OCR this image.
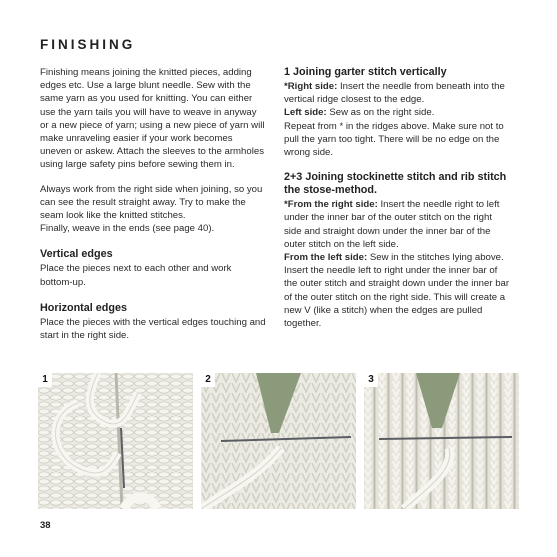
FINISHING

Finishing means joining the knitted pieces, adding edges etc. Use a large blunt needle. Sew with the same yarn as you used for knitting. You can either use the yarn tails you will have to weave in anyway or a new piece of yarn; using a new piece of yarn will make unraveling easier if your work becomes uneven or askew. Attach the sleeves to the armholes using large safety pins before sewing them in.

Always work from the right side when joining, so you can see the result straight away. Try to make the seam look like the knitted stitches.

Finally, weave in the ends (see page 40).

Vertical edges

Place the pieces next to each other and work bottom-up.

Horizontal edges

Place the pieces with the vertical edges touching and start in the right side.

1 Joining garter stitch vertically

*Right side: Insert the needle from beneath into the vertical ridge closest to the edge.

Left side: Sew as on the right side.

Repeat from * in the ridges above. Make sure not to pull the yarn too tight. There will be no edge on the wrong side.

2+3 Joining stockinette stitch and rib stitch the stose-method.

*From the right side: Insert the needle right to left under the inner bar of the outer stitch on the right side and straight down under the inner bar of the outer stitch on the left side.

From the left side: Sew in the stitches lying above. Insert the needle left to right under the inner bar of the outer stitch and straight down under the inner bar of the outer stitch on the right side. This will create a new V (like a stitch) when the edges are pulled together.

1	2	3
38
